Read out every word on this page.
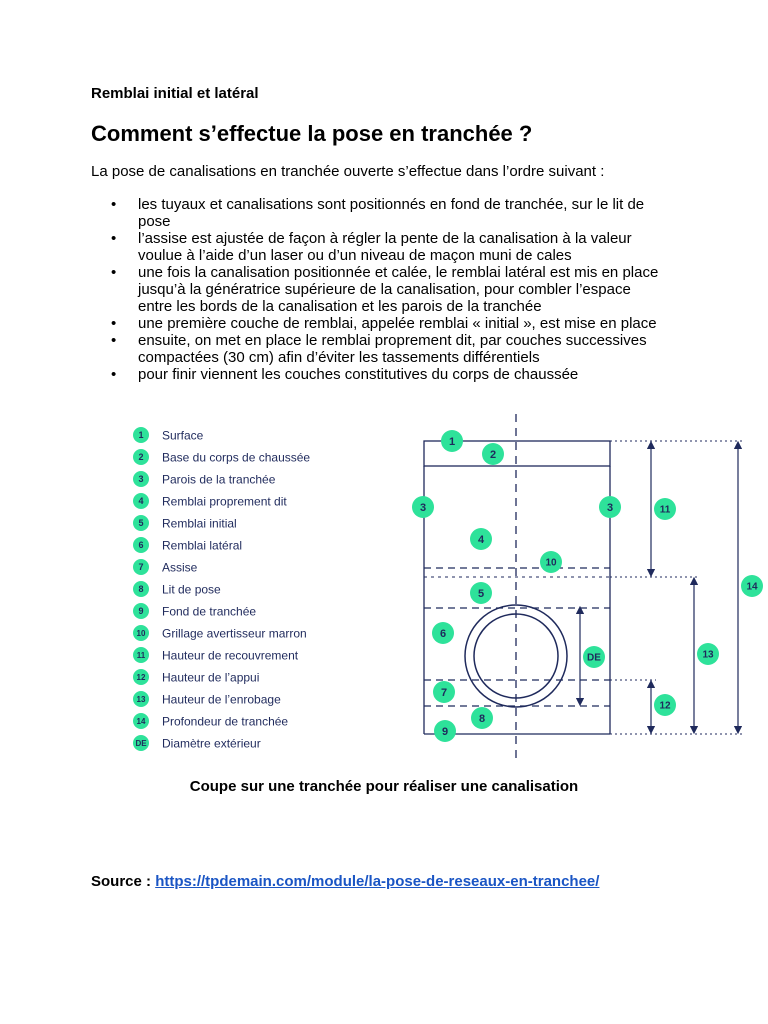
Remblai initial et latéral
Comment s’effectue la pose en tranchée ?
La pose de canalisations en tranchée ouverte s’effectue dans l’ordre suivant :
• les tuyaux et canalisations sont positionnés en fond de tranchée, sur le lit de
pose
• l’assise est ajustée de façon à régler la pente de la canalisation à la valeur
voulue à l’aide d’un laser ou d’un niveau de maçon muni de cales
• une fois la canalisation positionnée et calée, le remblai latéral est mis en place
jusqu’à la génératrice supérieure de la canalisation, pour combler l’espace
entre les bords de la canalisation et les parois de la tranchée
• une première couche de remblai, appelée remblai « initial », est mise en place
• ensuite, on met en place le remblai proprement dit, par couches successives
compactées (30 cm) afin d’éviter les tassements différentiels
• pour finir viennent les couches constitutives du corps de chaussée
1 Surface
2 Base du corps de chaussée
3 Parois de la tranchée
4 Remblai proprement dit
5 Remblai initial
6 Remblai latéral
7 Assise
8 Lit de pose
9 Fond de tranchée
10 Grillage avertisseur marron
11 Hauteur de recouvrement
12 Hauteur de l’appui
13 Hauteur de l’enrobage
14 Profondeur de tranchée
DE Diamètre extérieur
1
2
3	3
4
10
5
6
DE
7
8
9
11
13
12
14
Coupe sur une tranchée pour réaliser une canalisation
Source : https://tpdemain.com/module/la-pose-de-reseaux-en-tranchee/
